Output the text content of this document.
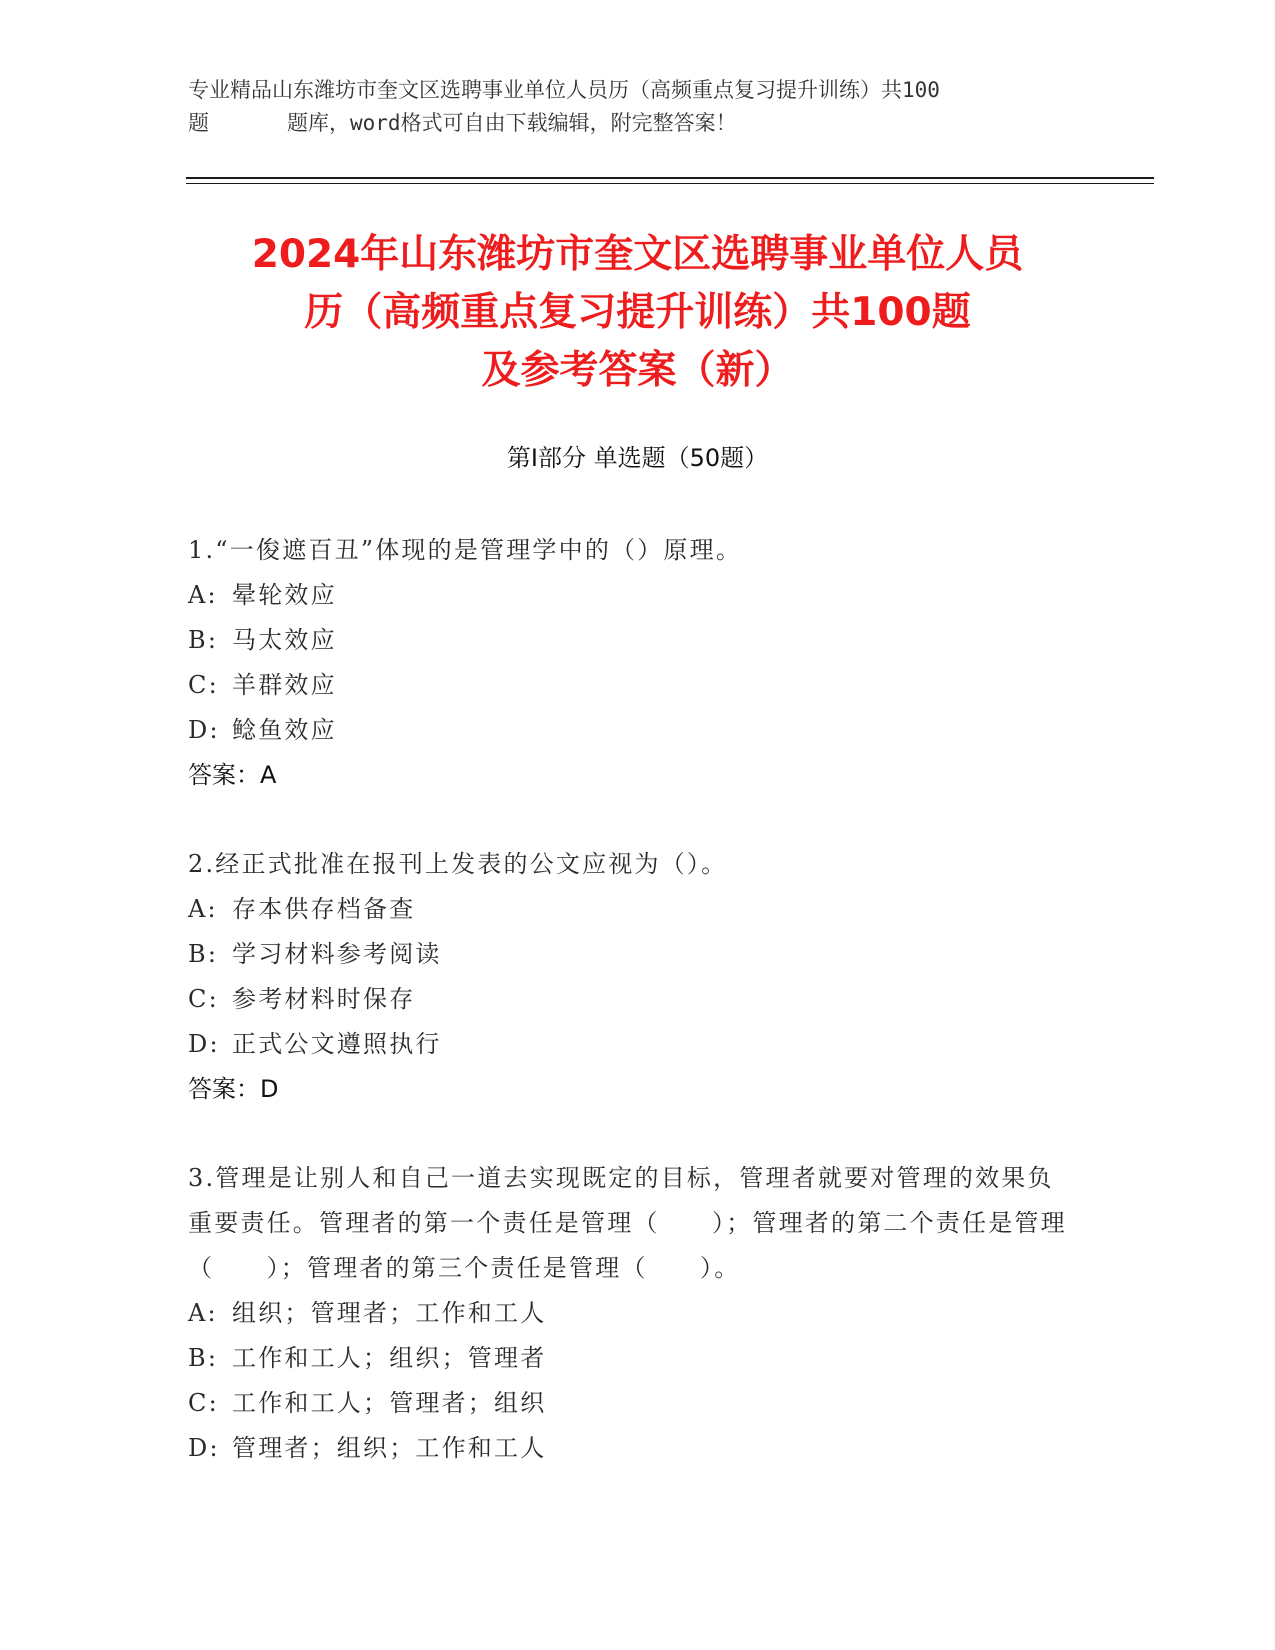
专业精品山东潍坊市奎文区选聘事业单位人员历（高频重点复习提升训练）共100
题	题库，word格式可自由下载编辑，附完整答案！
2024年山东潍坊市奎文区选聘事业单位人员
历（高频重点复习提升训练）共100题
及参考答案（新）
第I部分 单选题（50题）
1.“一俊遮百丑”体现的是管理学中的（）原理。
A: 晕轮效应
B: 马太效应
C: 羊群效应
D: 鲶鱼效应
答案：A
2.经正式批准在报刊上发表的公文应视为（）。
A: 存本供存档备查
B: 学习材料参考阅读
C: 参考材料时保存
D: 正式公文遵照执行
答案：D
3.管理是让别人和自己一道去实现既定的目标，管理者就要对管理的效果负重要责任。管理者的第一个责任是管理（　　）；管理者的第二个责任是管理（　　）；管理者的第三个责任是管理（　　）。
A: 组织；管理者；工作和工人
B: 工作和工人；组织；管理者
C: 工作和工人；管理者；组织
D: 管理者；组织；工作和工人
